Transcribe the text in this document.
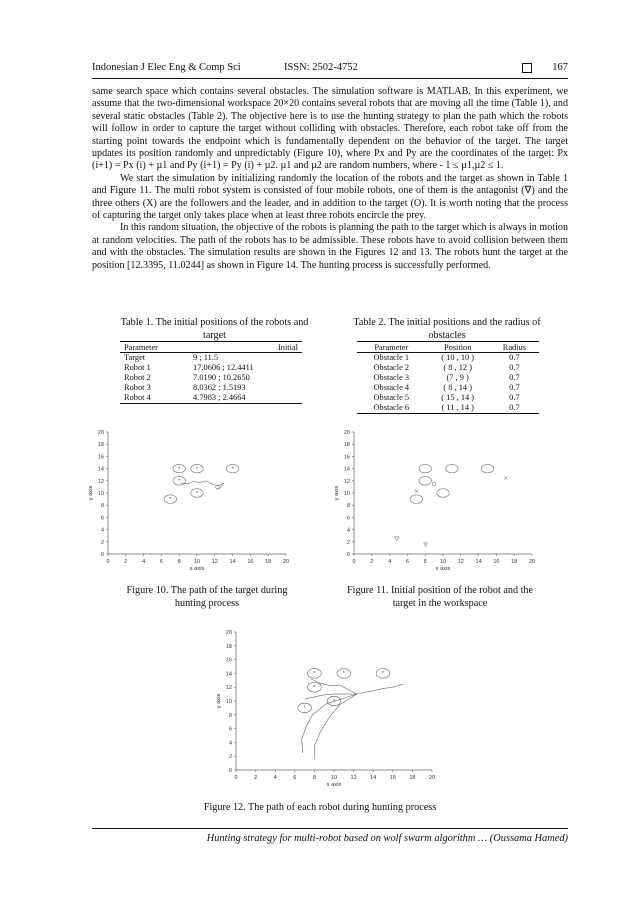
Indonesian J Elec Eng & Comp Sci	ISSN: 2502-4752	167

same search space which contains several obstacles. The simulation software is MATLAB. In this experiment, we assume that the two-dimensional workspace 20×20 contains several robots that are moving all the time (Table 1), and several static obstacles (Table 2). The objective here is to use the hunting strategy to plan the path which the robots will follow in order to capture the target without colliding with obstacles. Therefore, each robot take off from the starting point towards the endpoint which is fundamentally dependent on the behavior of the target. The target updates its position randomly and unpredictably (Figure 10), where Px and Py are the coordinates of the target: Px (i+1) = Px (i) + µ1 and Py (i+1) = Py (i) + µ2. µ1 and µ2 are random numbers, where - 1 ≤ µ1,µ2 ≤ 1.

We start the simulation by initializing randomly the location of the robots and the target as shown in Table 1 and Figure 11. The multi robot system is consisted of four mobile robots, one of them is the antagonist (∇) and the three others (X) are the followers and the leader, and in addition to the target (O). It is worth noting that the process of capturing the target only takes place when at least three robots encircle the prey.

In this random situation, the objective of the robots is planning the path to the target which is always in motion at random velocities. The path of the robots has to be admissible. These robots have to avoid collision between them and with the obstacles. The simulation results are shown in the Figures 12 and 13. The robots hunt the target at the position [12.3395, 11.0244] as shown in Figure 14. The hunting process is successfully performed.

Table 1. The initial positions of the robots and target
Parameter	Initial
Target	9 ; 11.5
Robot 1	17.0606 ; 12.4411
Robot 2	7.0190 ; 10.2650
Robot 3	8.0362 ; 1.5193
Robot 4	4.7983 ; 2.4664
Table 2. The initial positions and the radius of obstacles
Parameter	Position	Radius
Obstacle 1	( 10 , 10 )	0.7
Obstacle 2	( 8 , 12 )	0.7
Obstacle 3	(7 , 9 )	0.7
Obstacle 4	( 8 , 14 )	0.7
Obstacle 5	( 15 , 14 )	0.7
Obstacle 6	( 11 , 14 )	0.7
0	2	4	6	8 10 12 14 16 18 20
0
2
4
6
8
10
12
14
16
18
20
x axis
y axis
*	*	*
*
*
*
0	2	4	6	8 10 12 14 16 18 20
0
2
4
6
8
10
12
14
16
18
20
x axis
y axis
0	2	4	6	8	10 12 14 16 18 20
0
2
4
6
8
10
12
14
16
18
20
x axis
y axis
*	*	*
*
*
*
Figure 10. The path of the target during hunting process
Figure 11. Initial position of the robot and the target in the workspace
Figure 12. The path of each robot during hunting process
Hunting strategy for multi-robot based on wolf swarm algorithm … (Oussama Hamed)
